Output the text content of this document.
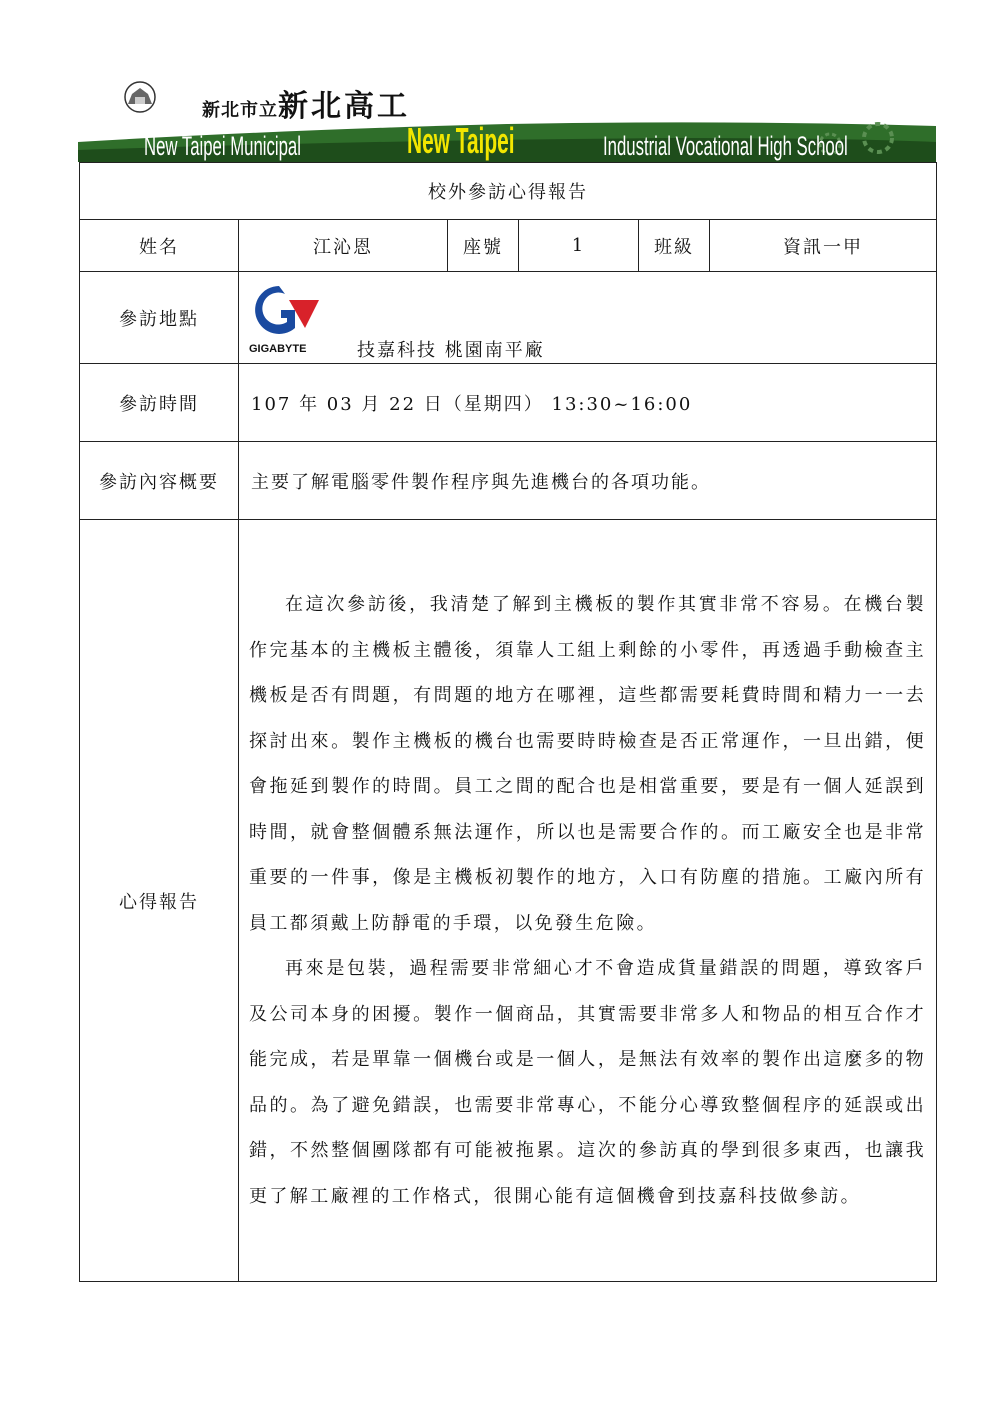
新北市立新北高工
New Taipei Municipal	New Taipei	Industrial Vocational High School
校外參訪心得報告					
姓名	江沁恩	座號	1	班級	資訊一甲
參訪地點	GIGABYTE 技嘉科技 桃園南平廠				

參訪時間	107 年 03 月 22 日（星期四） 13:30~16:00				
參訪內容概要	主要了解電腦零件製作程序與先進機台的各項功能。				
心得報告	在這次參訪後，我清楚了解到主機板的製作其實非常不容易。在機台製作完基本的主機板主體後，須靠人工組上剩餘的小零件，再透過手動檢查主機板是否有問題，有問題的地方在哪裡，這些都需要耗費時間和精力一一去探討出來。製作主機板的機台也需要時時檢查是否正常運作，一旦出錯，便會拖延到製作的時間。員工之間的配合也是相當重要，要是有一個人延誤到時間，就會整個體系無法運作，所以也是需要合作的。而工廠安全也是非常重要的一件事，像是主機板初製作的地方，入口有防塵的措施。工廠內所有員工都須戴上防靜電的手環，以免發生危險。

再來是包裝，過程需要非常細心才不會造成貨量錯誤的問題，導致客戶及公司本身的困擾。製作一個商品，其實需要非常多人和物品的相互合作才能完成，若是單靠一個機台或是一個人，是無法有效率的製作出這麼多的物品的。為了避免錯誤，也需要非常專心，不能分心導致整個程序的延誤或出錯，不然整個團隊都有可能被拖累。這次的參訪真的學到很多東西，也讓我更了解工廠裡的工作格式，很開心能有這個機會到技嘉科技做參訪。				
